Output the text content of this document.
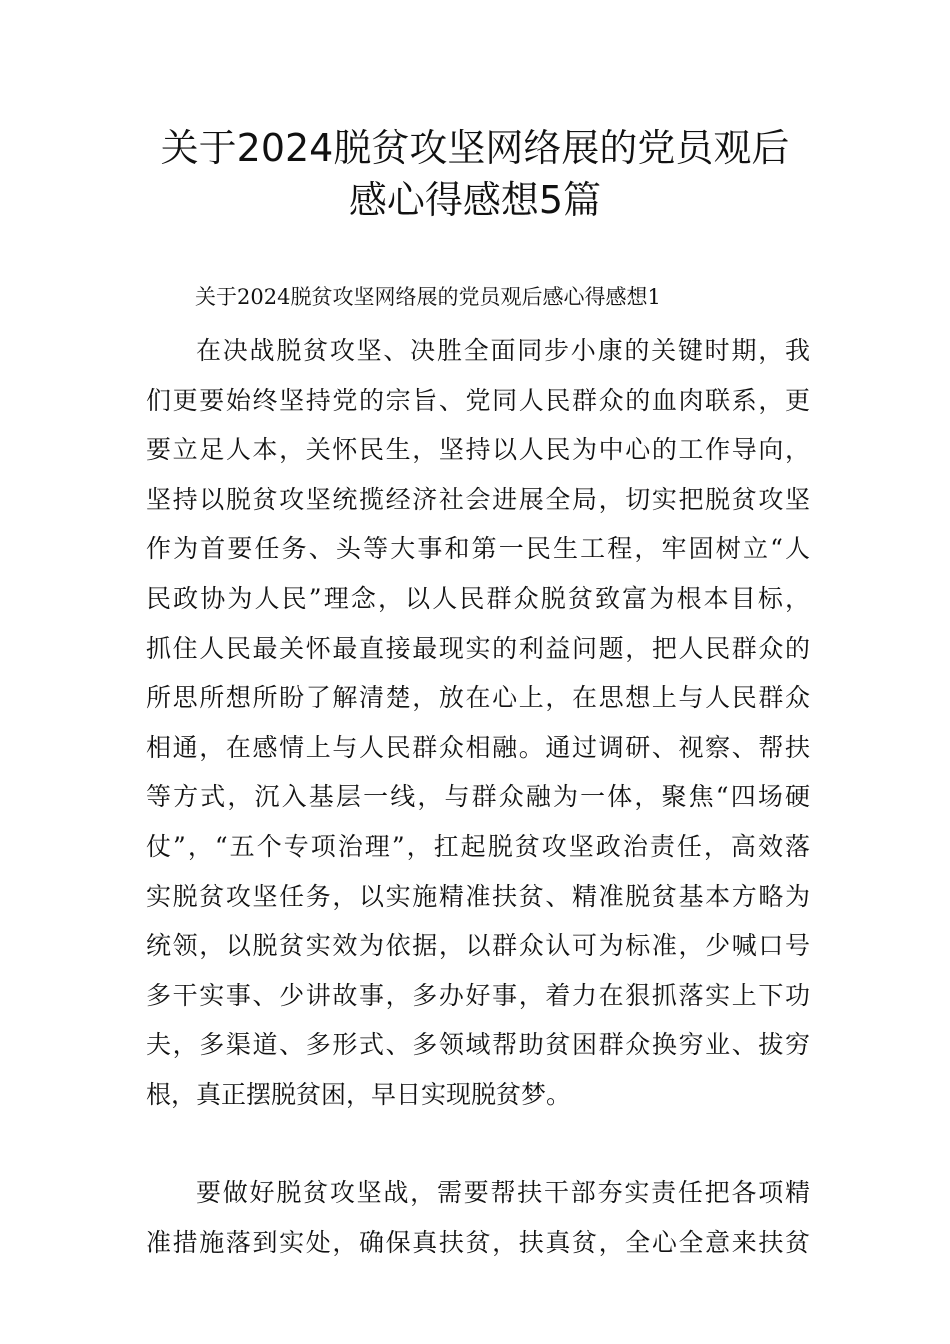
关于2024脱贫攻坚网络展的党员观后
感心得感想5篇

关于2024脱贫攻坚网络展的党员观后感心得感想1

在决战脱贫攻坚、决胜全面同步小康的关键时期，我
们更要始终坚持党的宗旨、党同人民群众的血肉联系，更
要立足人本，关怀民生，坚持以人民为中心的工作导向，
坚持以脱贫攻坚统揽经济社会进展全局，切实把脱贫攻坚
作为首要任务、头等大事和第一民生工程，牢固树立“人
民政协为人民”理念，以人民群众脱贫致富为根本目标，
抓住人民最关怀最直接最现实的利益问题，把人民群众的
所思所想所盼了解清楚，放在心上，在思想上与人民群众
相通，在感情上与人民群众相融。通过调研、视察、帮扶
等方式，沉入基层一线，与群众融为一体，聚焦“四场硬
仗”，“五个专项治理”，扛起脱贫攻坚政治责任，高效落
实脱贫攻坚任务，以实施精准扶贫、精准脱贫基本方略为
统领，以脱贫实效为依据，以群众认可为标准，少喊口号
多干实事、少讲故事，多办好事，着力在狠抓落实上下功
夫，多渠道、多形式、多领域帮助贫困群众换穷业、拔穷
根，真正摆脱贫困，早日实现脱贫梦。
要做好脱贫攻坚战，需要帮扶干部夯实责任把各项精
准措施落到实处，确保真扶贫，扶真贫，全心全意来扶贫
